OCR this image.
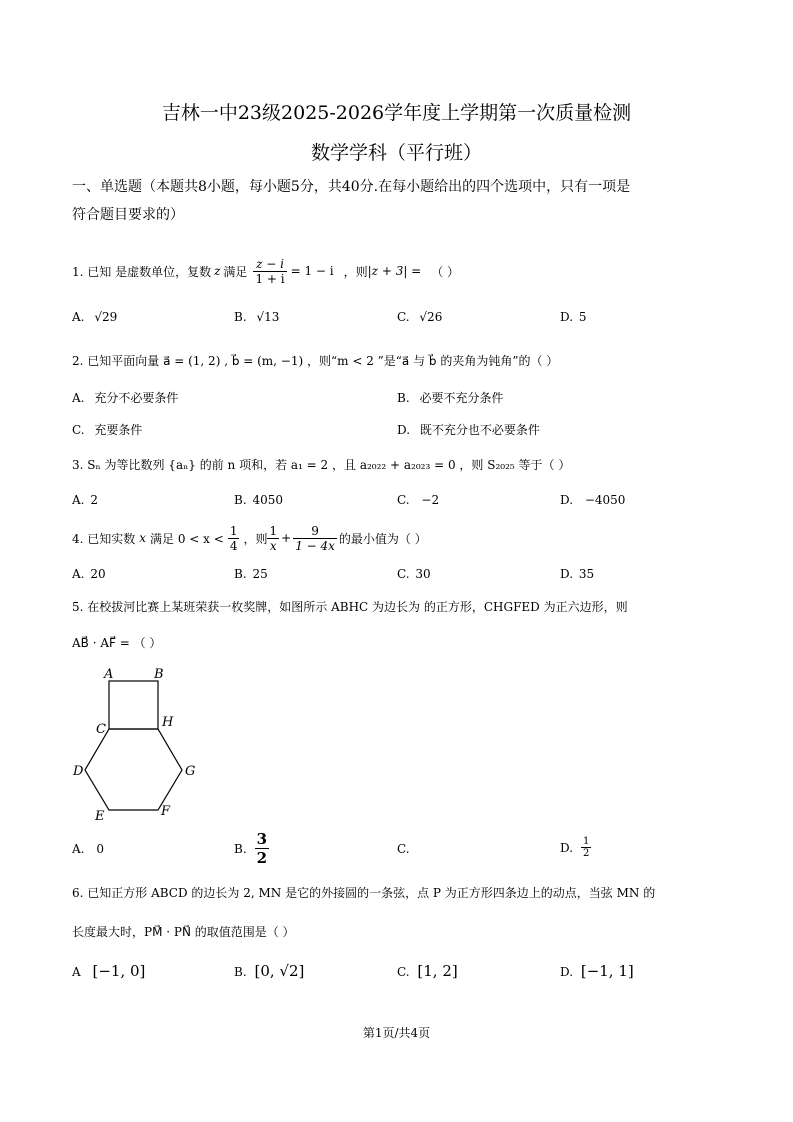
吉林一中23级2025-2026学年度上学期第一次质量检测
数学学科（平行班）
一、单选题（本题共8小题，每小题5分，共40分.在每小题给出的四个选项中，只有一项是
符合题目要求的）
1. 已知 是虚数单位，复数 z 满足 $\frac{z - i}{1 + i} = 1 - i$ ，则 |z + 3| = （ ）
A. √29	B. √13	C. √26	D. 5
2. 已知平面向量 a⃗ = (1, 2) , b⃗ = (m, −1) ，则“m < 2 ”是“a⃗ 与 b⃗ 的夹角为钝角”的（ ）
A. 充分不必要条件	B. 必要不充分条件
C. 充要条件	D. 既不充分也不必要条件
3. Sₙ 为等比数列 {aₙ} 的前 n 项和，若 a₁ = 2 ，且 a₂₀₂₂ + a₂₀₂₃ = 0 ，则 S₂₀₂₅ 等于（ ）
A. 2	B. 4050	C. −2	D. −4050
4. 已知实数 x 满足 $0 < x < \frac{1}{4}$ ，则 $\frac{1}{x} + \frac{9}{1 - 4x}$ 的最小值为（ ）
A. 20	B. 25	C. 30	D. 35
5. 在校拔河比赛上某班荣获一枚奖牌，如图所示 ABHC 为边长为 的正方形，CHGFED 为正六边形，则
AB⃗ · AF⃗ = （ ）
A	B
C	H
D	G
E	F
A. 0	B. $\frac{3}{2}$	C.	D. $\frac{1}{2}$
6. 已知正方形 ABCD 的边长为 2, MN 是它的外接圆的一条弦，点 P 为正方形四条边上的动点，当弦 MN 的
长度最大时，PM⃗ · PN⃗ 的取值范围是（ ）
A [−1, 0]	B. [0, √2]	C. [1, 2]	D. [−1, 1]
第1页/共4页
